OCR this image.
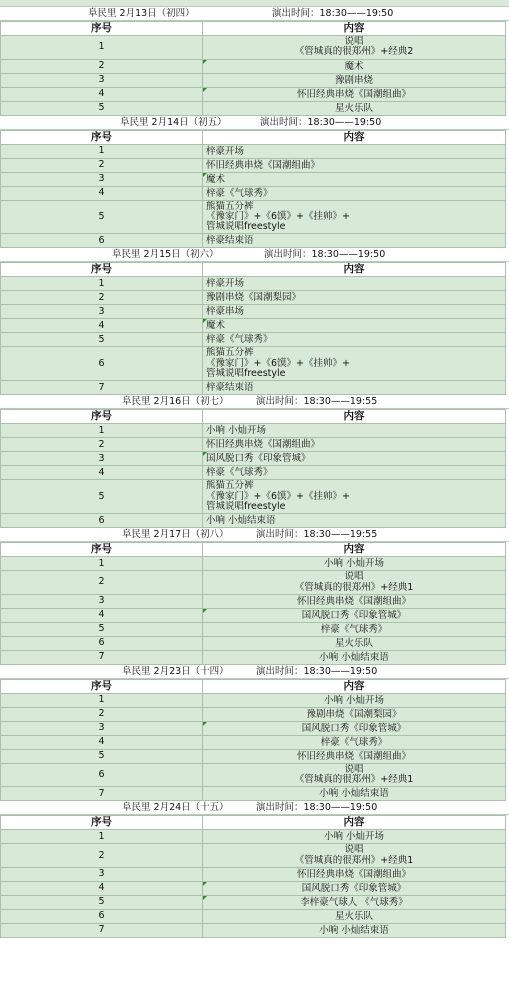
阜民里 2月13日（初四）	演出时间：18:30——19:50
序号	内容
1	说唱
《管城真的很郑州》+经典2

2	魔术

3	豫剧串烧

4	怀旧经典串烧《国潮组曲》

5	星火乐队
阜民里 2月14日（初五）	演出时间：18:30——19:50
序号	内容
1	梓豪开场

2	怀旧经典串烧《国潮组曲》

3	魔术

4	梓豪《气球秀》

5	熊猫五分裤
《豫家门》+《6馍》+《挂帅》+
管城说唱freestyle

6	梓豪结束语
阜民里 2月15日（初六）	演出时间：18:30——19:50
序号	内容
1	梓豪开场

2	豫剧串烧《国潮梨园》

3	梓豪串场

4	魔术

5	梓豪《气球秀》

6	熊猫五分裤
《豫家门》+《6馍》+《挂帅》+
管城说唱freestyle

7	梓豪结束语
阜民里 2月16日（初七）	演出时间：18:30——19:55
序号	内容
1	小响 小灿开场

2	怀旧经典串烧《国潮组曲》

3	国风脱口秀《印象管城》

4	梓豪《气球秀》

5	熊猫五分裤
《豫家门》+《6馍》+《挂帅》+
管城说唱freestyle

6	小响 小灿结束语
阜民里 2月17日（初八）	演出时间：18:30——19:55
序号	内容
1	小响 小灿开场

2	说唱
《管城真的很郑州》+经典1

3	怀旧经典串烧《国潮组曲》

4	国风脱口秀《印象管城》

5	梓豪《气球秀》

6	星火乐队

7	小响 小灿结束语
阜民里 2月23日（十四）	演出时间：18:30——19:50
序号	内容
1	小响 小灿开场

2	豫剧串烧《国潮梨园》

3	国风脱口秀《印象管城》

4	梓豪《气球秀》

5	怀旧经典串烧《国潮组曲》

6	说唱
《管城真的很郑州》+经典1

7	小响 小灿结束语
阜民里 2月24日（十五）	演出时间：18:30——19:50
序号	内容
1	小响 小灿开场

2	说唱
《管城真的很郑州》+经典1

3	怀旧经典串烧《国潮组曲》

4	国风脱口秀《印象管城》

5	李梓豪气球人 《气球秀》

6	星火乐队

7	小响 小灿结束语
